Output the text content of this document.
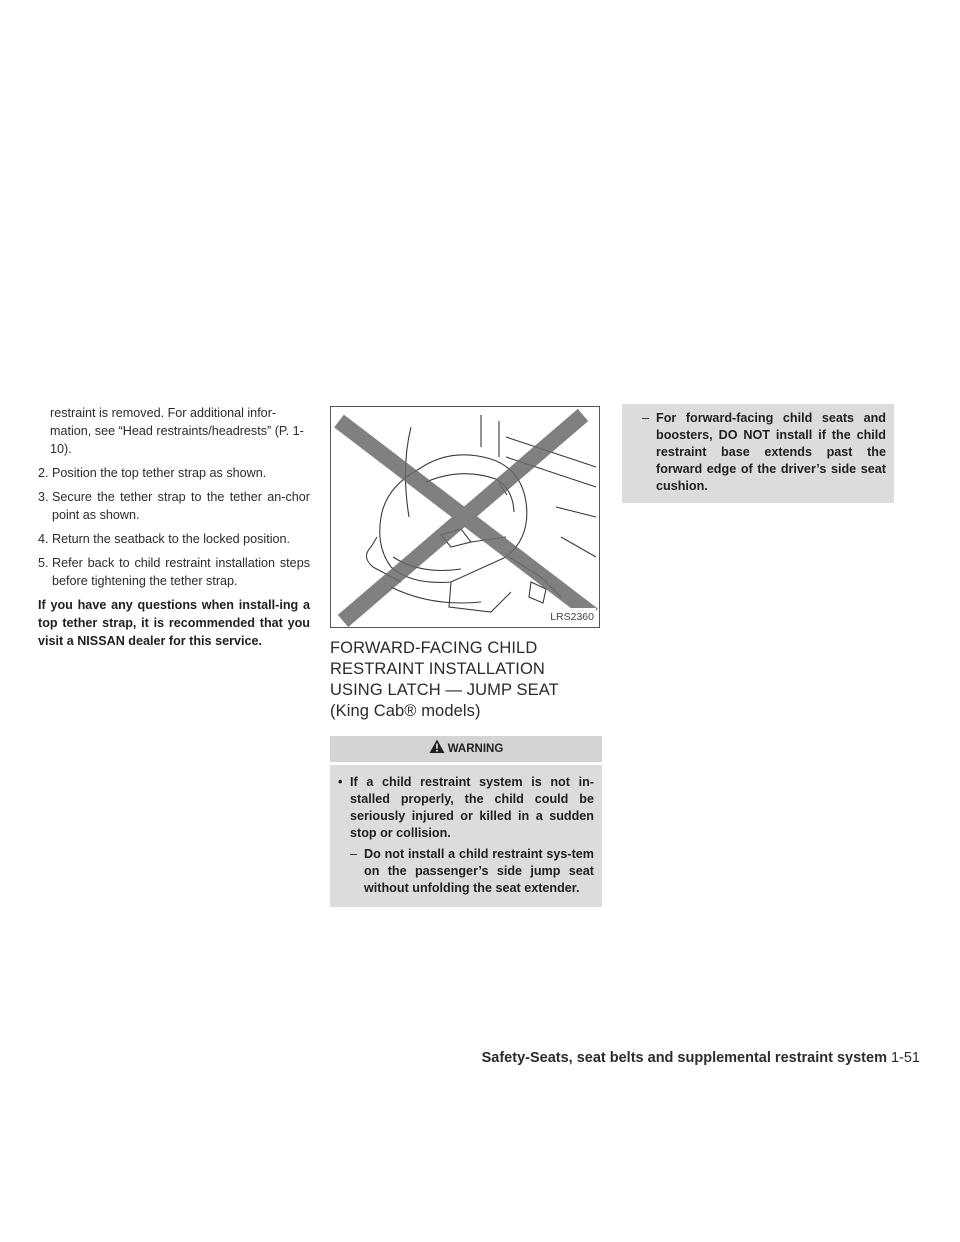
restraint is removed. For additional infor-mation, see “Head restraints/headrests” (P. 1-10).

2. Position the top tether strap as shown.
3. Secure the tether strap to the tether an-chor point as shown.
4. Return the seatback to the locked position.
5. Refer back to child restraint installation steps before tightening the tether strap.

If you have any questions when install-ing a top tether strap, it is recommended that you visit a NISSAN dealer for this service.

LRS2360
FORWARD-FACING CHILD RESTRAINT INSTALLATION USING LATCH — JUMP SEAT (King Cab® models)
WARNING
• If a child restraint system is not in-stalled properly, the child could be seriously injured or killed in a sudden stop or collision.
– Do not install a child restraint sys-tem on the passenger’s side jump seat without unfolding the seat extender.
– For forward-facing child seats and boosters, DO NOT install if the child restraint base extends past the forward edge of the driver’s side seat cushion.
Safety-Seats, seat belts and supplemental restraint system 1-51
